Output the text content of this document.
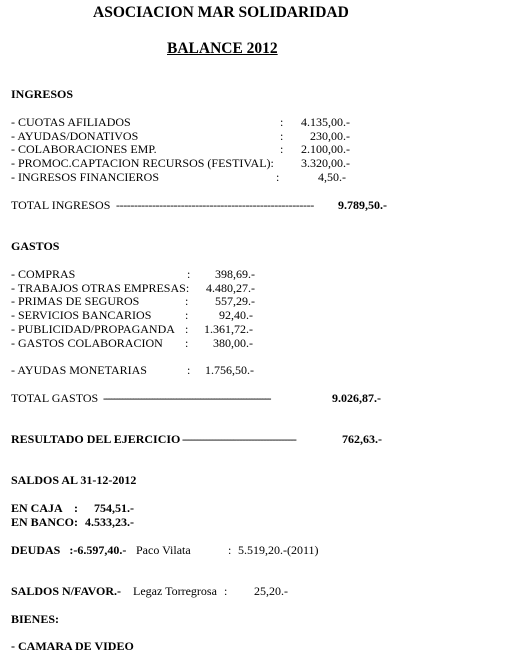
ASOCIACION MAR SOLIDARIDAD
BALANCE 2012
INGRESOS
- CUOTAS AFILIADOS	:	4.135,00.-
- AYUDAS/DONATIVOS	:	230,00.-
- COLABORACIONES EMP.	:	2.100,00.-
- PROMOC.CAPTACION RECURSOS (FESTIVAL):	3.320,00.-
- INGRESOS FINANCIEROS	:	4,50.-
TOTAL INGRESOS ------------------------------------------------------- 9.789,50.-
GASTOS
- COMPRAS	:	398,69.-
- TRABAJOS OTRAS EMPRESAS:	4.480,27.-
- PRIMAS DE SEGUROS	:	557,29.-
- SERVICIOS BANCARIOS	:	92,40.-
- PUBLICIDAD/PROPAGANDA :	1.361,72.-
- GASTOS COLABORACION :	380,00.-
- AYUDAS MONETARIAS	:	1.756,50.-
TOTAL GASTOS --------------------------------------------------------------	9.026,87.-
RESULTADO DEL EJERCICIO --------------------------------------	762,63.-
SALDOS AL 31-12-2012
EN CAJA    : 754,51.-
EN BANCO: 4.533,23.-
DEUDAS   :-6.597,40.- Paco Vilata	: 5.519,20.-(2011)
SALDOS N/FAVOR.- Legaz Torregrosa : 25,20.-
BIENES:
- CAMARA DE VIDEO
